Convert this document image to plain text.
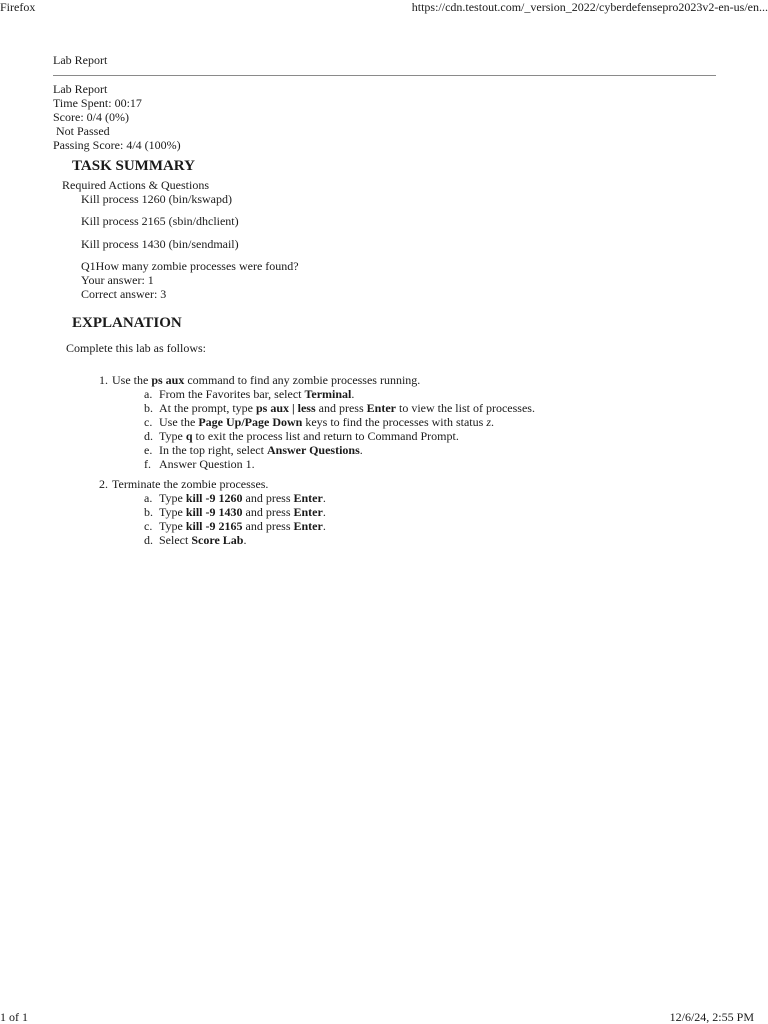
Firefox	https://cdn.testout.com/_version_2022/cyberdefensepro2023v2-en-us/en...
Lab Report
Lab Report
Time Spent: 00:17
Score: 0/4 (0%)
Not Passed
Passing Score: 4/4 (100%)
TASK SUMMARY
Required Actions & Questions
Kill process 1260 (bin/kswapd)
Kill process 2165 (sbin/dhclient)
Kill process 1430 (bin/sendmail)
Q1How many zombie processes were found?
Your answer: 1
Correct answer: 3
EXPLANATION
Complete this lab as follows:
1. Use the ps aux command to find any zombie processes running.
a. From the Favorites bar, select Terminal.
b. At the prompt, type ps aux | less and press Enter to view the list of processes.
c. Use the Page Up/Page Down keys to find the processes with status z.
d. Type q to exit the process list and return to Command Prompt.
e. In the top right, select Answer Questions.
f. Answer Question 1.
2. Terminate the zombie processes.
a. Type kill -9 1260 and press Enter.
b. Type kill -9 1430 and press Enter.
c. Type kill -9 2165 and press Enter.
d. Select Score Lab.
1 of 1	12/6/24, 2:55 PM
